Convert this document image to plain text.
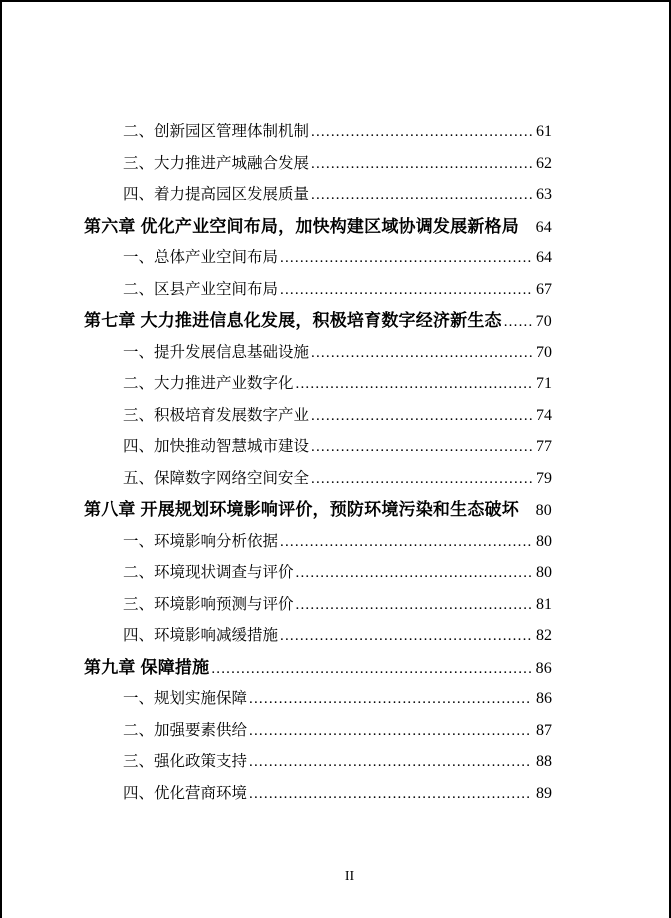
二、创新园区管理体制机制 .....	61
三、大力推进产城融合发展 .....	62
四、着力提高园区发展质量 .....	63
第六章 优化产业空间布局，加快构建区域协调发展新格局 64
一、总体产业空间布局 .....	64
二、区县产业空间布局 .....	67
第七章 大力推进信息化发展，积极培育数字经济新生态 ..... 70
一、提升发展信息基础设施 .....	70
二、大力推进产业数字化 .....	71
三、积极培育发展数字产业 .....	74
四、加快推动智慧城市建设 .....	77
五、保障数字网络空间安全 .....	79
第八章 开展规划环境影响评价，预防环境污染和生态破坏 80
一、环境影响分析依据 .....	80
二、环境现状调查与评价 .....	80
三、环境影响预测与评价 .....	81
四、环境影响减缓措施 .....	82
第九章 保障措施 .....	86
一、规划实施保障 .....	86
二、加强要素供给 .....	87
三、强化政策支持 .....	88
四、优化营商环境 .....	89
II
